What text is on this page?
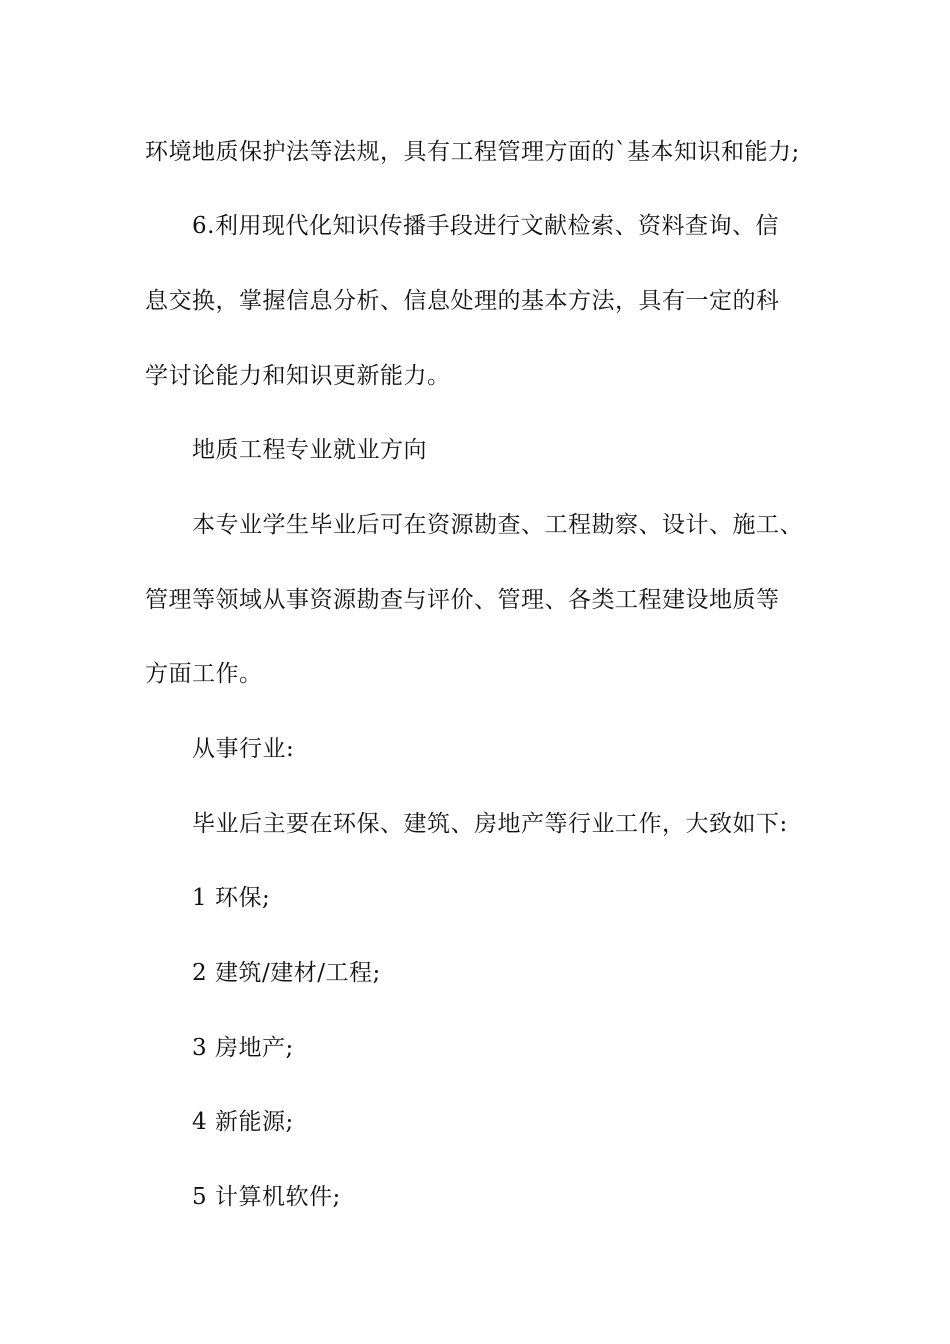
环境地质保护法等法规，具有工程管理方面的`基本知识和能力;
6.利用现代化知识传播手段进行文献检索、资料查询、信
息交换，掌握信息分析、信息处理的基本方法，具有一定的科
学讨论能力和知识更新能力。
地质工程专业就业方向
本专业学生毕业后可在资源勘查、工程勘察、设计、施工、
管理等领域从事资源勘查与评价、管理、各类工程建设地质等
方面工作。
从事行业:
毕业后主要在环保、建筑、房地产等行业工作，大致如下:
1 环保;
2 建筑/建材/工程;
3 房地产;
4 新能源;
5 计算机软件;
